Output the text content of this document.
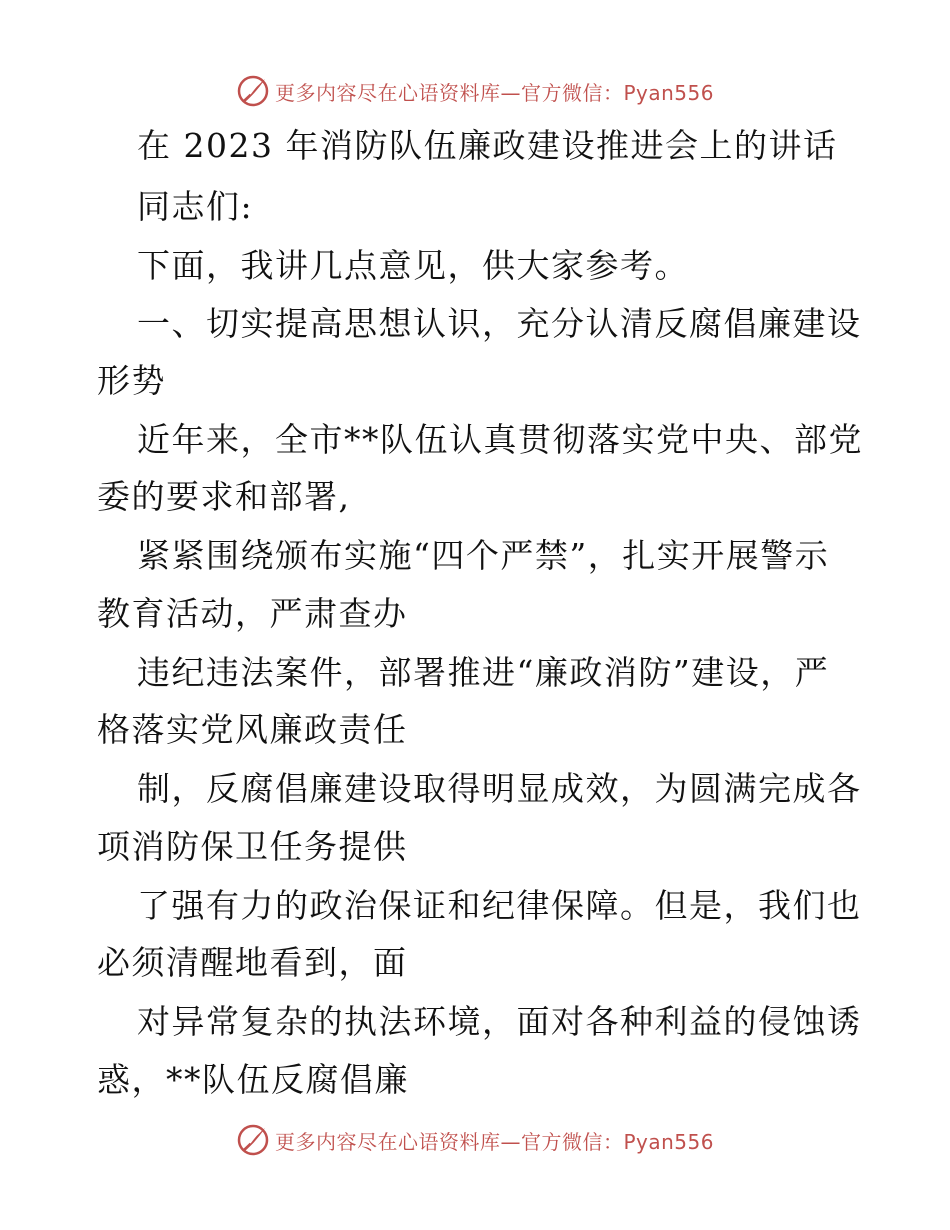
更多内容尽在心语资料库—官方微信：Pyan556
在 2023 年消防队伍廉政建设推进会上的讲话
同志们:
下面，我讲几点意见，供大家参考。
一、切实提高思想认识，充分认清反腐倡廉建设
形势
近年来，全市**队伍认真贯彻落实党中央、部党
委的要求和部署,
紧紧围绕颁布实施“四个严禁”，扎实开展警示
教育活动，严肃查办
违纪违法案件，部署推进“廉政消防”建设，严
格落实党风廉政责任
制，反腐倡廉建设取得明显成效，为圆满完成各
项消防保卫任务提供
了强有力的政治保证和纪律保障。但是，我们也
必须清醒地看到，面
对异常复杂的执法环境，面对各种利益的侵蚀诱
惑，**队伍反腐倡廉
更多内容尽在心语资料库—官方微信：Pyan556
